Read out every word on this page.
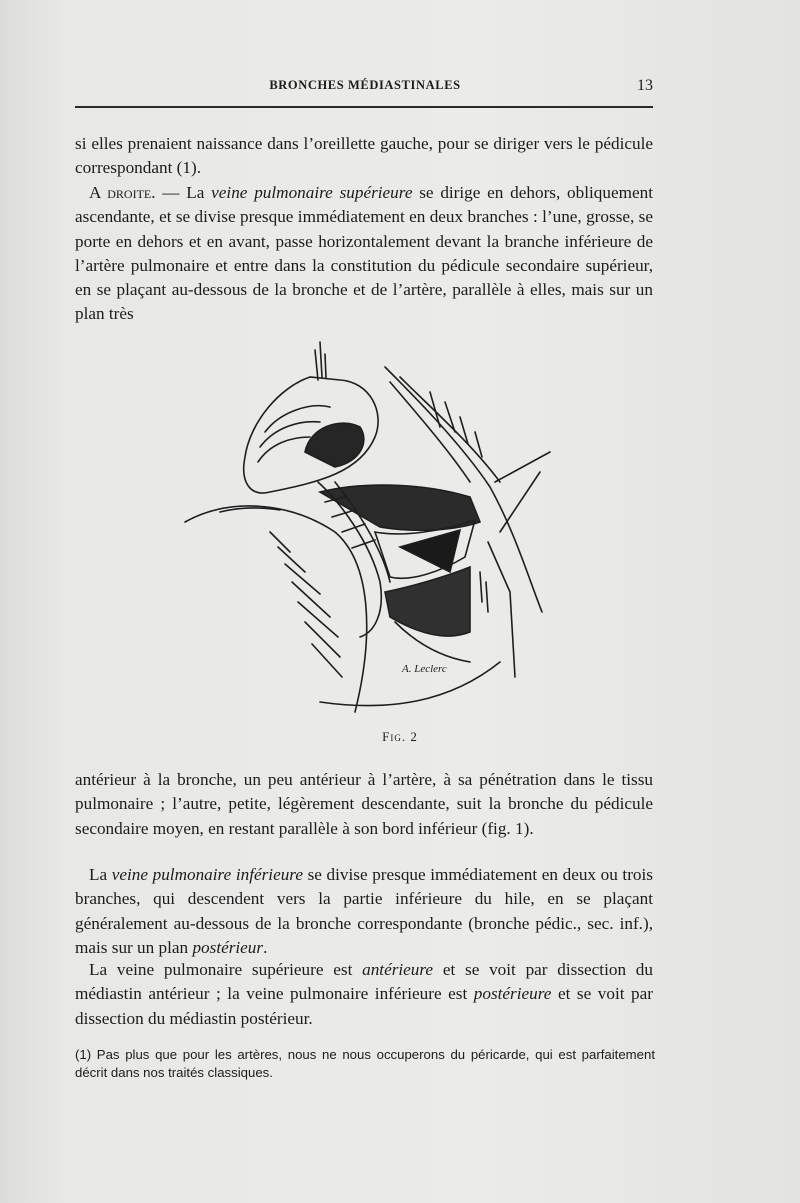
BRONCHES MÉDIASTINALES	13

si elles prenaient naissance dans l’oreillette gauche, pour se diriger vers le pédicule correspondant (1).

A droite. — La veine pulmonaire supérieure se dirige en dehors, obliquement ascendante, et se divise presque immédiatement en deux branches : l’une, grosse, se porte en dehors et en avant, passe horizontalement devant la branche inférieure de l’artère pulmonaire et entre dans la constitution du pédicule secondaire supérieur, en se plaçant au-dessous de la bronche et de l’artère, parallèle à elles, mais sur un plan très

A. Leclerc
Fig. 2

antérieur à la bronche, un peu antérieur à l’artère, à sa pénétration dans le tissu pulmonaire ; l’autre, petite, légèrement descendante, suit la bronche du pédicule secondaire moyen, en restant parallèle à son bord inférieur (fig. 1).

La veine pulmonaire inférieure se divise presque immédiatement en deux ou trois branches, qui descendent vers la partie inférieure du hile, en se plaçant généralement au-dessous de la bronche correspondante (bronche pédic., sec. inf.), mais sur un plan postérieur.

La veine pulmonaire supérieure est antérieure et se voit par dissection du médiastin antérieur ; la veine pulmonaire inférieure est postérieure et se voit par dissection du médiastin postérieur.

(1) Pas plus que pour les artères, nous ne nous occuperons du péricarde, qui est parfaitement décrit dans nos traités classiques.
